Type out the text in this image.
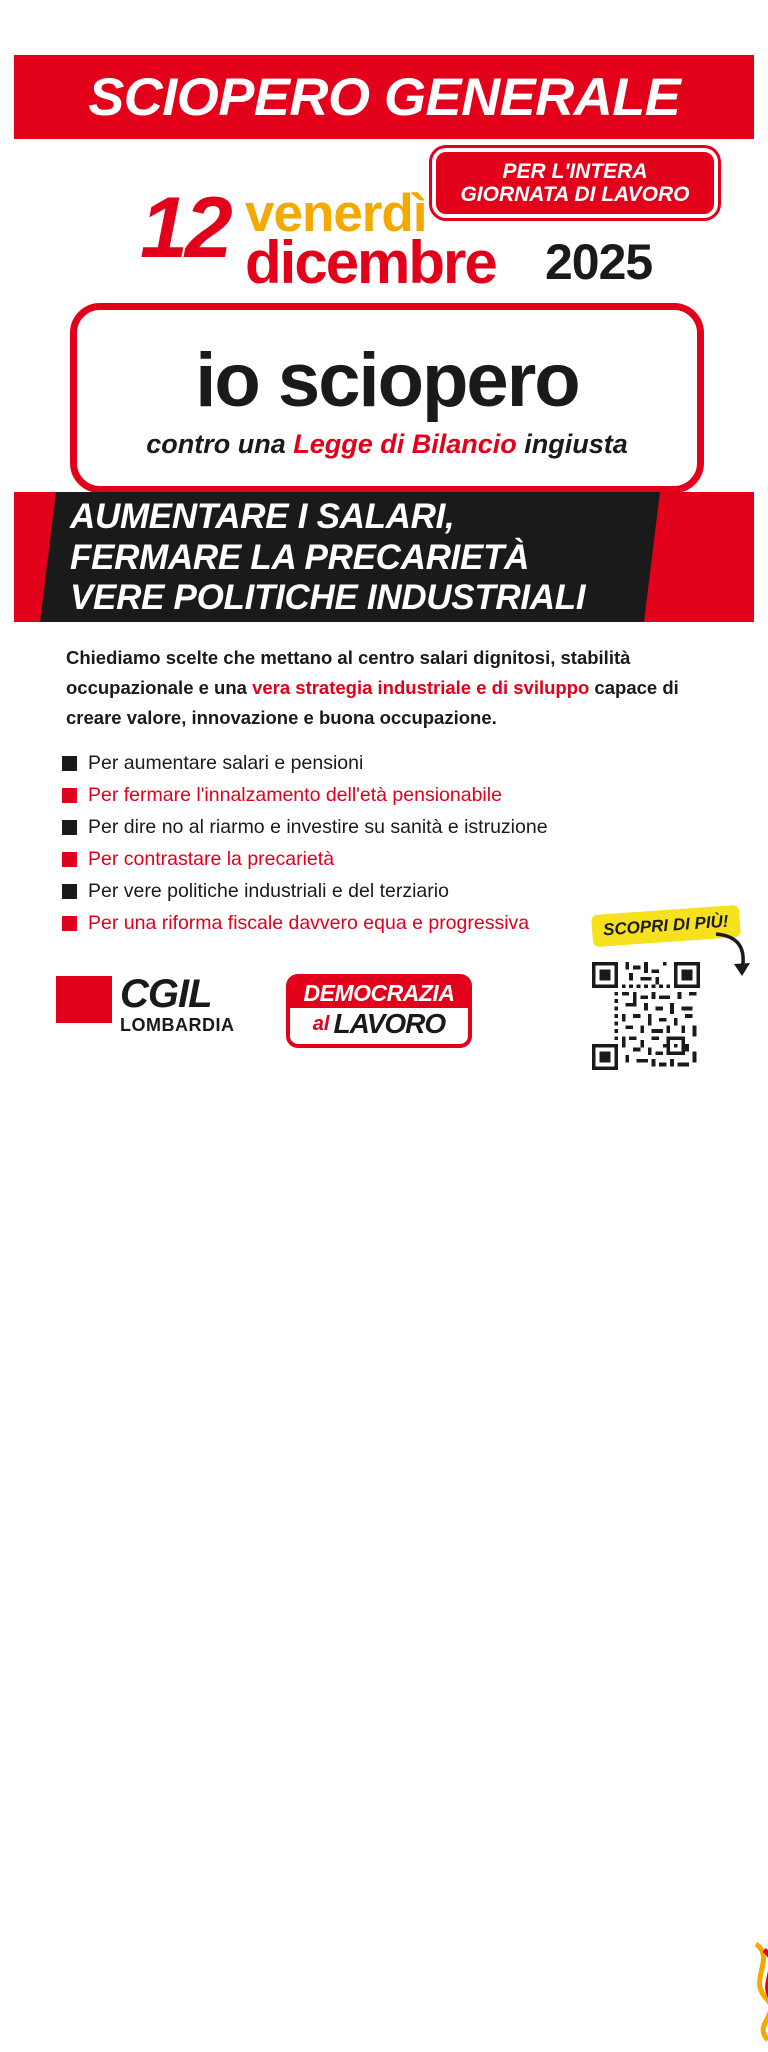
SCIOPERO GENERALE
PER L'INTERA
GIORNATA DI LAVORO
12 venerdì
dicembre 2025
io sciopero
contro una Legge di Bilancio ingiusta
AUMENTARE I SALARI,
FERMARE LA PRECARIETÀ
VERE POLITICHE INDUSTRIALI
Chiediamo scelte che mettano al centro salari dignitosi, stabilità occupazionale e una vera strategia industriale e di sviluppo capace di creare valore, innovazione e buona occupazione.
Per aumentare salari e pensioni
Per fermare l'innalzamento dell'età pensionabile
Per dire no al riarmo e investire su sanità e istruzione
Per contrastare la precarietà
Per vere politiche industriali e del terziario
Per una riforma fiscale davvero equa e progressiva
CGIL
LOMBARDIA
DEMOCRAZIA
al LAVORO
SCOPRI DI PIÙ!
